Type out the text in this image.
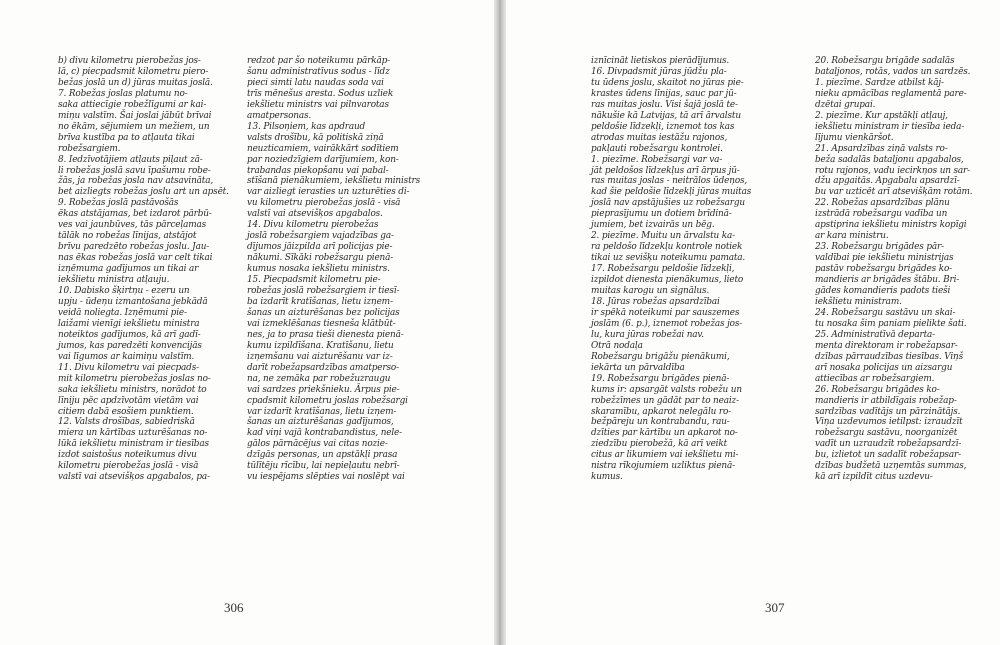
b) divu kilometru pierobežas jos-
lā, c) piecpadsmit kilometru piero-
bežas joslā un d) jūras muitas joslā.
7. Robežas joslas platumu no-
saka attiecīgie robežlīgumi ar kai-
miņu valstīm. Šai joslai jābūt brīvai
no ēkām, sējumiem un mežiem, un
brīva kustība pa to atļauta tikai
robežsargiem.
8. Iedzīvotājiem atļauts piļaut zā-
li robežas joslā savu īpašumu robe-
žās, ja robežas josla nav atsavināta,
bet aizliegts robežas joslu art un apsēt.
9. Robežas joslā pastāvošās
ēkas atstājamas, bet izdarot pārbū-
ves vai jaunbūves, tās pārceļamas
tālāk no robežas līnijas, atstājot
brīvu paredzēto robežas joslu. Jau-
nas ēkas robežas joslā var celt tikai
izņēmuma gadījumos un tikai ar
iekšlietu ministra atļauju.
10. Dabisko šķirtņu - ezeru un
upju - ūdeņu izmantošana jebkādā
veidā noliegta. Izņēmumi pie-
laižami vienīgi iekšlietu ministra
noteiktos gadījumos, kā arī gadī-
jumos, kas paredzēti konvencijās
vai līgumos ar kaimiņu valstīm.
11. Divu kilometru vai piecpads-
mit kilometru pierobežas joslas no-
saka iekšlietu ministrs, norādot to
līniju pēc apdzīvotām vietām vai
citiem dabā esošiem punktiem.
12. Valsts drošības, sabiedriskā
miera un kārtības uzturēšanas no-
lūkā iekšlietu ministram ir tiesības
izdot saistošus noteikumus divu
kilometru pierobežas joslā - visā
valstī vai atsevišķos apgabalos, pa-
redzot par šo noteikumu pārkāp-
šanu administratīvus sodus - līdz
pieci simti latu naudas soda vai
trīs mēnešus aresta. Sodus uzliek
iekšlietu ministrs vai pilnvarotas
amatpersonas.
13. Pilsoņiem, kas apdraud
valsts drošību, kā politiskā ziņā
neuzticamiem, vairākkārt sodītiem
par noziedzīgiem darījumiem, kon-
trabandas piekopšanu vai pabal-
stīšanā pienākumiem, iekšlietu ministrs
var aizliegt ierasties un uzturēties di-
vu kilometru pierobežas joslā - visā
valstī vai atsevišķos apgabalos.
14. Divu kilometru pierobežas
joslā robežsargiem vajadzības ga-
dījumos jāizpilda arī policijas pie-
nākumi. Sīkāki robežsargu pienā-
kumus nosaka iekšlietu ministrs.
15. Piecpadsmit kilometru pie-
robežas joslā robežsargiem ir tiesī-
ba izdarīt kratīšanas, lietu izņem-
šanas un aizturēšanas bez policijas
vai izmeklēšanas tiesneša klātbūt-
nes, ja to prasa tieši dienesta pienā-
kumu izpildīšana. Kratīšanu, lietu
izņemšanu vai aizturēšanu var iz-
darīt robežapsardzības amatperso-
na, ne zemāka par robežuzraugu
vai sardzes priekšnieku. Ārpus pie-
cpadsmit kilometru joslas robežsargi
var izdarīt kratīšanas, lietu izņem-
šanas un aizturēšanas gadījumos,
kad viņi vajā kontrabandistus, nele-
gālos pārnācējus vai citas nozie-
dzīgās personas, un apstākļi prasa
tūlītēju rīcību, lai nepieļautu nebrī-
vu iespējams slēpties vai noslēpt vai
306
iznīcināt lietiskos pierādījumus.
16. Divpadsmit jūras jūdžu pla-
tu ūdens joslu, skaitot no jūras pie-
krastes ūdens līnijas, sauc par jū-
ras muitas joslu. Visi šajā joslā te-
nākušie kā Latvijas, tā arī ārvalstu
peldošie līdzekļi, iznemot tos kas
atrodas muitas iestāžu rajonos,
pakļauti robežsargu kontrolei.
1. piezīme. Robežsargi var va-
jāt peldošos līdzekļus arī ārpus jū-
ras muitas joslas - neitrālos ūdeņos,
kad šie peldošie līdzekļi jūras muitas
joslā nav apstājušies uz robežsargu
pieprasījumu un dotiem brīdinā-
jumiem, bet izvairās un bēg.
2. piezīme. Muitu un ārvalstu ka-
ra peldošo līdzekļu kontrole notiek
tikai uz sevišķu noteikumu pamata.
17. Robežsargu peldošie līdzekļi,
izpildot dienesta pienākumus, lieto
muitas karogu un signālus.
18. Jūras robežas apsardzībai
ir spēkā noteikumi par sauszemes
joslām (6. p.), iznemot robežas jos-
lu, kura jūras robežai nav.
Otrā nodaļa
Robežsargu brigāžu pienākumi,
iekārta un pārvaldība
19. Robežsargu brigādes pienā-
kums ir: apsargāt valsts robežu un
robežzīmes un gādāt par to neaiz-
skaramību, apkarot nelegālu ro-
bežpāreju un kontrabandu, rau-
dzīties par kārtību un apkarot no-
ziedzību pierobežā, kā arī veikt
citus ar likumiem vai iekšlietu mi-
nistra rīkojumiem uzliktus pienā-
kumus.
20. Robežsargu brigāde sadalās
bataljonos, rotās, vados un sardzēs.
1. piezīme. Sardze atbilst kāj-
nieku apmācības reglamentā pare-
dzētai grupai.
2. piezīme. Kur apstākļi atļauj,
iekšlietu ministram ir tiesība ieda-
lījumu vienkāršot.
21. Apsardzības ziņā valsts ro-
beža sadalās bataljonu apgabalos,
rotu rajonos, vadu iecirkņos un sar-
džu apgaitās. Apgabalu apsardzī-
bu var uzticēt arī atsevišķām rotām.
22. Robežas apsardzības plānu
izstrādā robežsargu vadība un
apstiprina iekšlietu ministrs kopīgi
ar kara ministru.
23. Robežsargu brigādes pār-
valdībai pie iekšlietu ministrijas
pastāv robežsargu brigādes ko-
mandieris ar brigādes štābu. Bri-
gādes komandieris padots tieši
iekšlietu ministram.
24. Robežsargu sastāvu un skai-
tu nosaka šim paniam pielikte šati.
25. Administratīvā departa-
menta direktoram ir robežapsar-
dzības pārraudzības tiesības. Viņš
arī nosaka policijas un aizsargu
attiecības ar robežsargiem.
26. Robežsargu brigādes ko-
mandieris ir atbildīgais robežap-
sardzības vadītājs un pārzinātājs.
Viņa uzdevumos ietilpst: izraudzīt
robežsargu sastāvu, noorganizēt
vadīt un uzraudzīt robežapsardzī-
bu, izlietot un sadalīt robežapsar-
dzības budžetā uzņemtās summas,
kā arī izpildīt citus uzdevu-
307
